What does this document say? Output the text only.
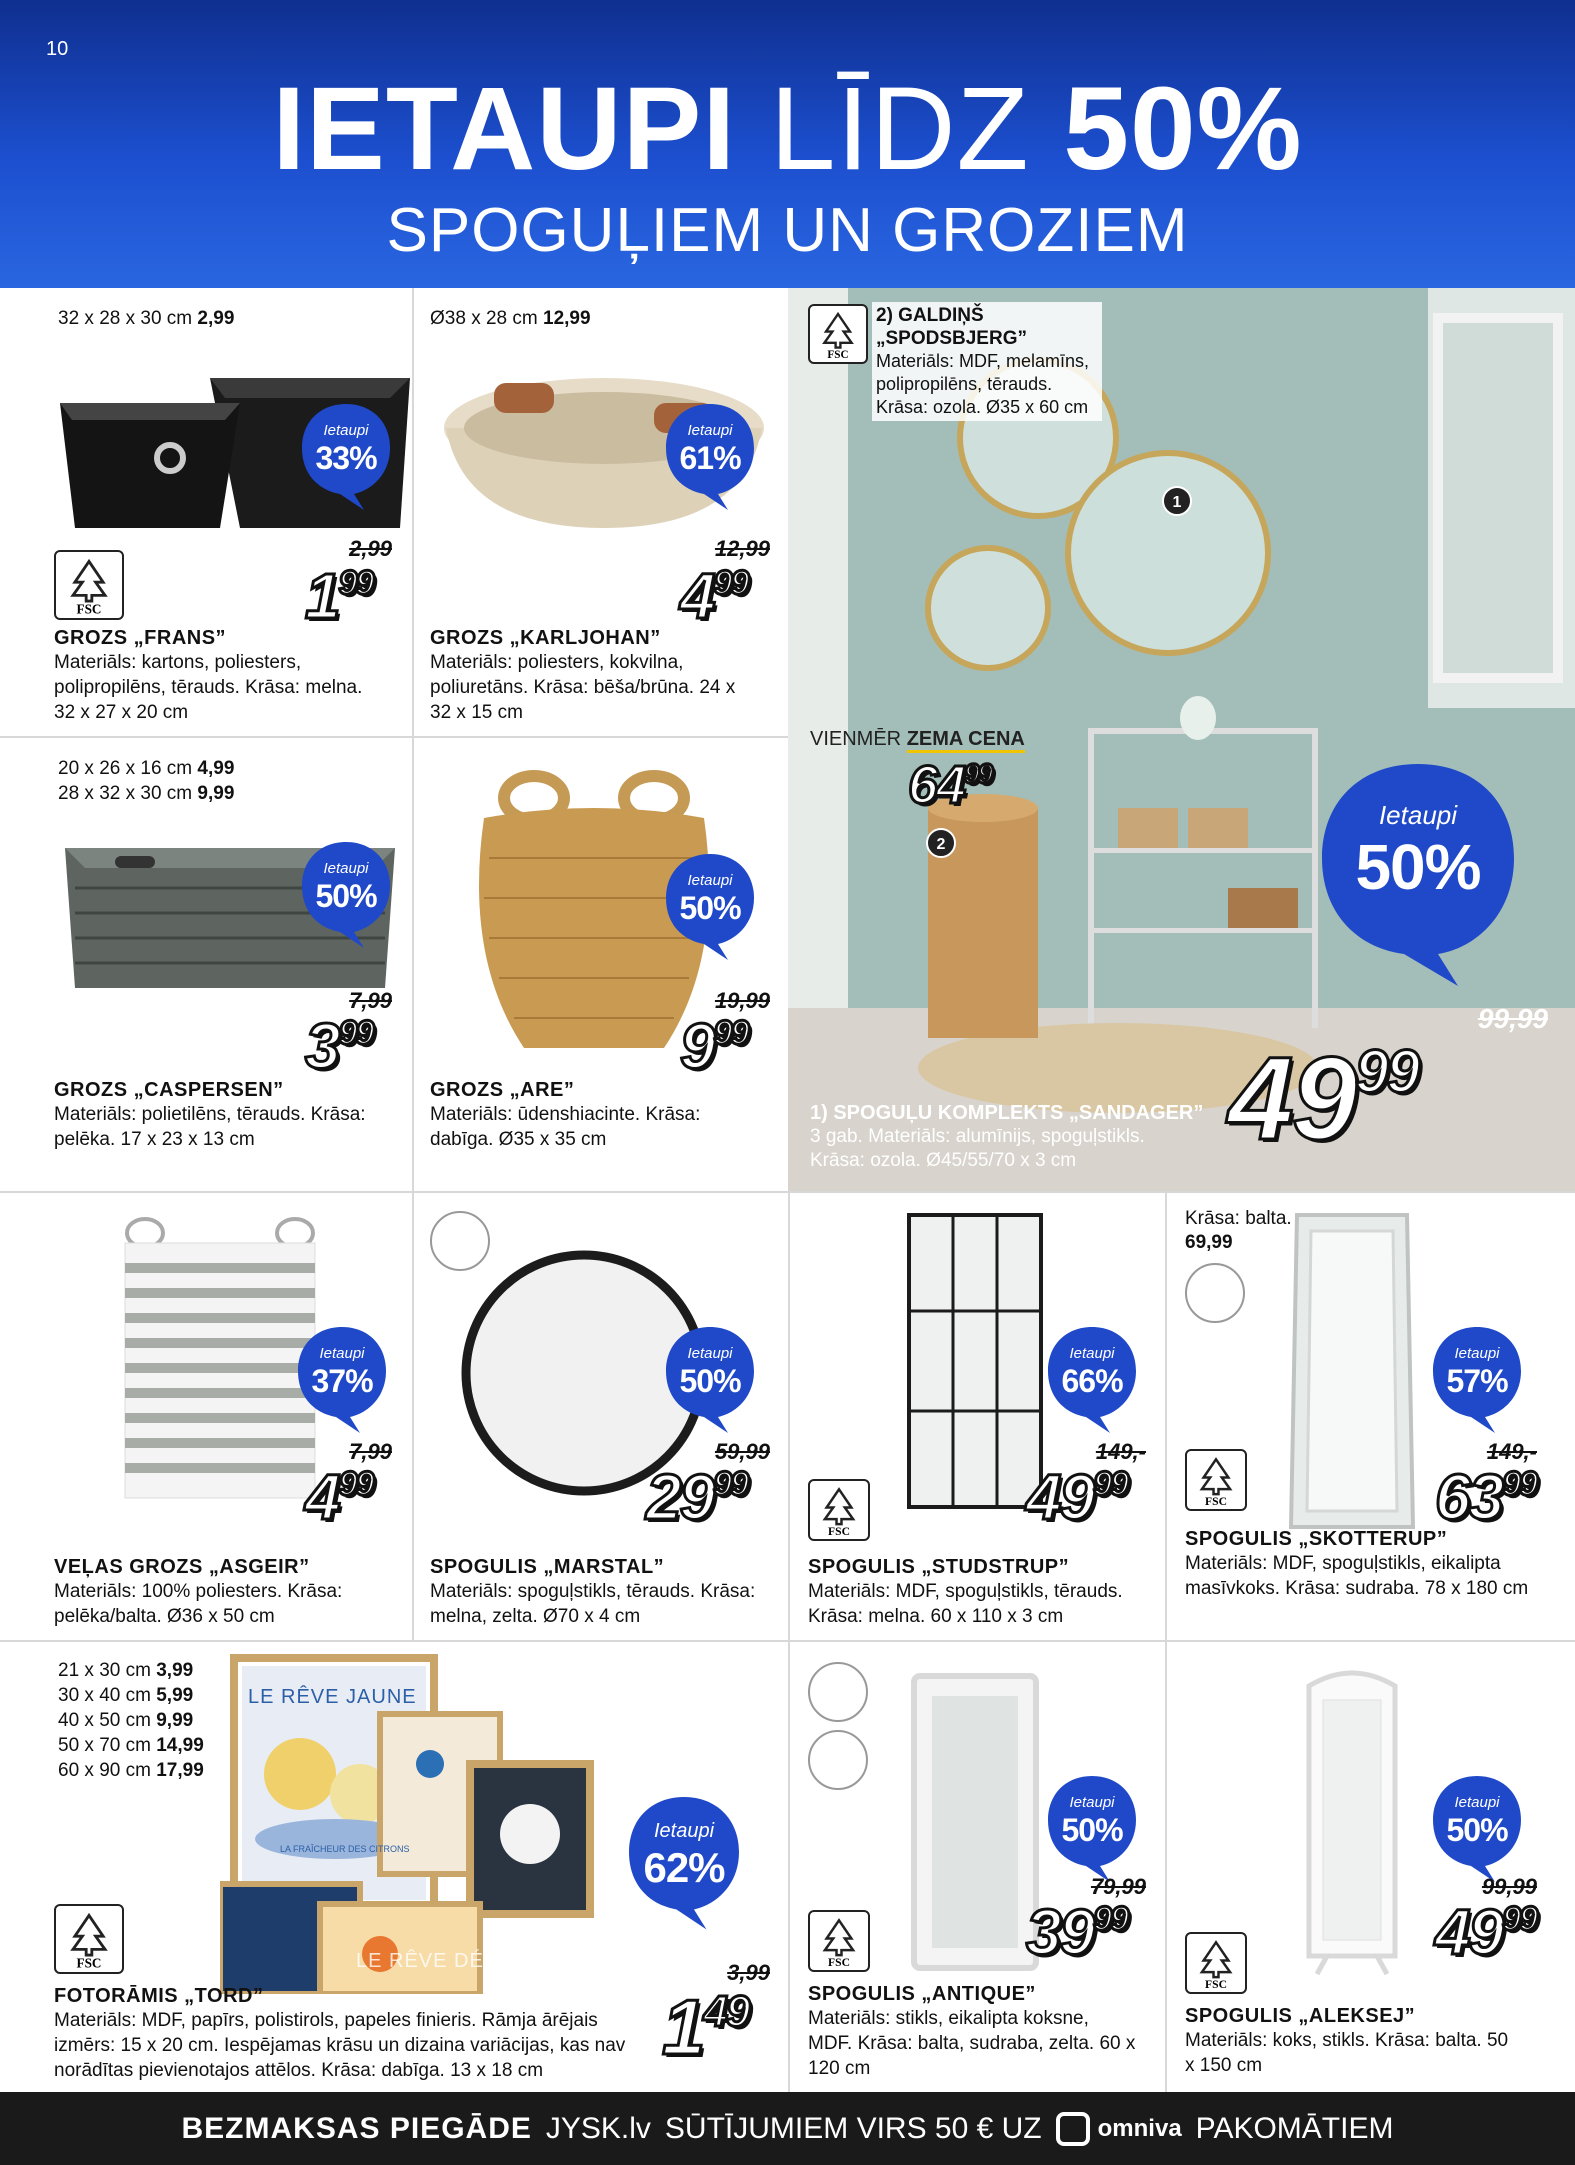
10
IETAUPI LĪDZ 50%
SPOGUĻIEM UN GROZIEM
32 x 28 x 30 cm 2,99
Ietaupi
33%
FSC
2,99
$1^{99}$
GROZS „FRANS”
Materiāls: kartons, poliesters, polipropilēns, tērauds. Krāsa: melna. 32 x 27 x 20 cm
Ø38 x 28 cm 12,99
Ietaupi
61%
12,99
$4^{99}$
GROZS „KARLJOHAN”
Materiāls: poliesters, kokvilna, poliuretāns. Krāsa: bēša/brūna. 24 x 32 x 15 cm
20 x 26 x 16 cm 4,99
28 x 32 x 30 cm 9,99
Ietaupi
50%
7,99
$3^{99}$
GROZS „CASPERSEN”
Materiāls: polietilēns, tērauds. Krāsa: pelēka. 17 x 23 x 13 cm
Ietaupi
50%
19,99
$9^{99}$
GROZS „ARE”
Materiāls: ūdenshiacinte. Krāsa: dabīga. Ø35 x 35 cm
FSC
2) GALDIŅŠ „SPODSBJERG”
Materiāls: MDF, melamīns, polipropilēns, tērauds. Krāsa: ozola. Ø35 x 60 cm
1
2
VIENMĒR ZEMA CENA
$64^{99}$
Ietaupi
50%
99,99
$49^{99}$
1) SPOGUĻU KOMPLEKTS „SANDAGER”
3 gab. Materiāls: alumīnijs, spoguļstikls. Krāsa: ozola. Ø45/55/70 x 3 cm
Ietaupi
37%
7,99
$4^{99}$
VEĻAS GROZS „ASGEIR”
Materiāls: 100% poliesters. Krāsa: pelēka/balta. Ø36 x 50 cm
Ietaupi
50%
59,99
$29^{99}$
SPOGULIS „MARSTAL”
Materiāls: spoguļstikls, tērauds. Krāsa: melna, zelta. Ø70 x 4 cm
Ietaupi
66%
FSC
149,-
$49^{99}$
SPOGULIS „STUDSTRUP”
Materiāls: MDF, spoguļstikls, tērauds. Krāsa: melna. 60 x 110 x 3 cm
Krāsa: balta.
69,99
Ietaupi
57%
FSC
149,-
$63^{99}$
SPOGULIS „SKOTTERUP”
Materiāls: MDF, spoguļstikls, eikalipta masīvkoks. Krāsa: sudraba. 78 x 180 cm
21 x 30 cm 3,99
30 x 40 cm 5,99
40 x 50 cm 9,99
50 x 70 cm 14,99
60 x 90 cm 17,99
LE RÊVE JAUNE
LA FRAÎCHEUR DES CITRONS
LE RÊVE DÉCOR
Ietaupi
62%
FSC	3,99
$1^{49}$
FOTORĀMIS „TORD”
Materiāls: MDF, papīrs, polistirols, papeles finieris. Rāmja ārējais izmērs: 15 x 20 cm. Iespējamas krāsu un dizaina variācijas, kas nav norādītas pievienotajos attēlos. Krāsa: dabīga. 13 x 18 cm
Ietaupi
50%
FSC
79,99
$39^{99}$
SPOGULIS „ANTIQUE”
Materiāls: stikls, eikalipta koksne, MDF. Krāsa: balta, sudraba, zelta. 60 x 120 cm
Ietaupi
50%
FSC
99,99
$49^{99}$
SPOGULIS „ALEKSEJ”
Materiāls: koks, stikls. Krāsa: balta. 50 x 150 cm
BEZMAKSAS PIEGĀDE JYSK.lv SŪTĪJUMIEM VIRS 50 € UZ omniva PAKOMĀTIEM
